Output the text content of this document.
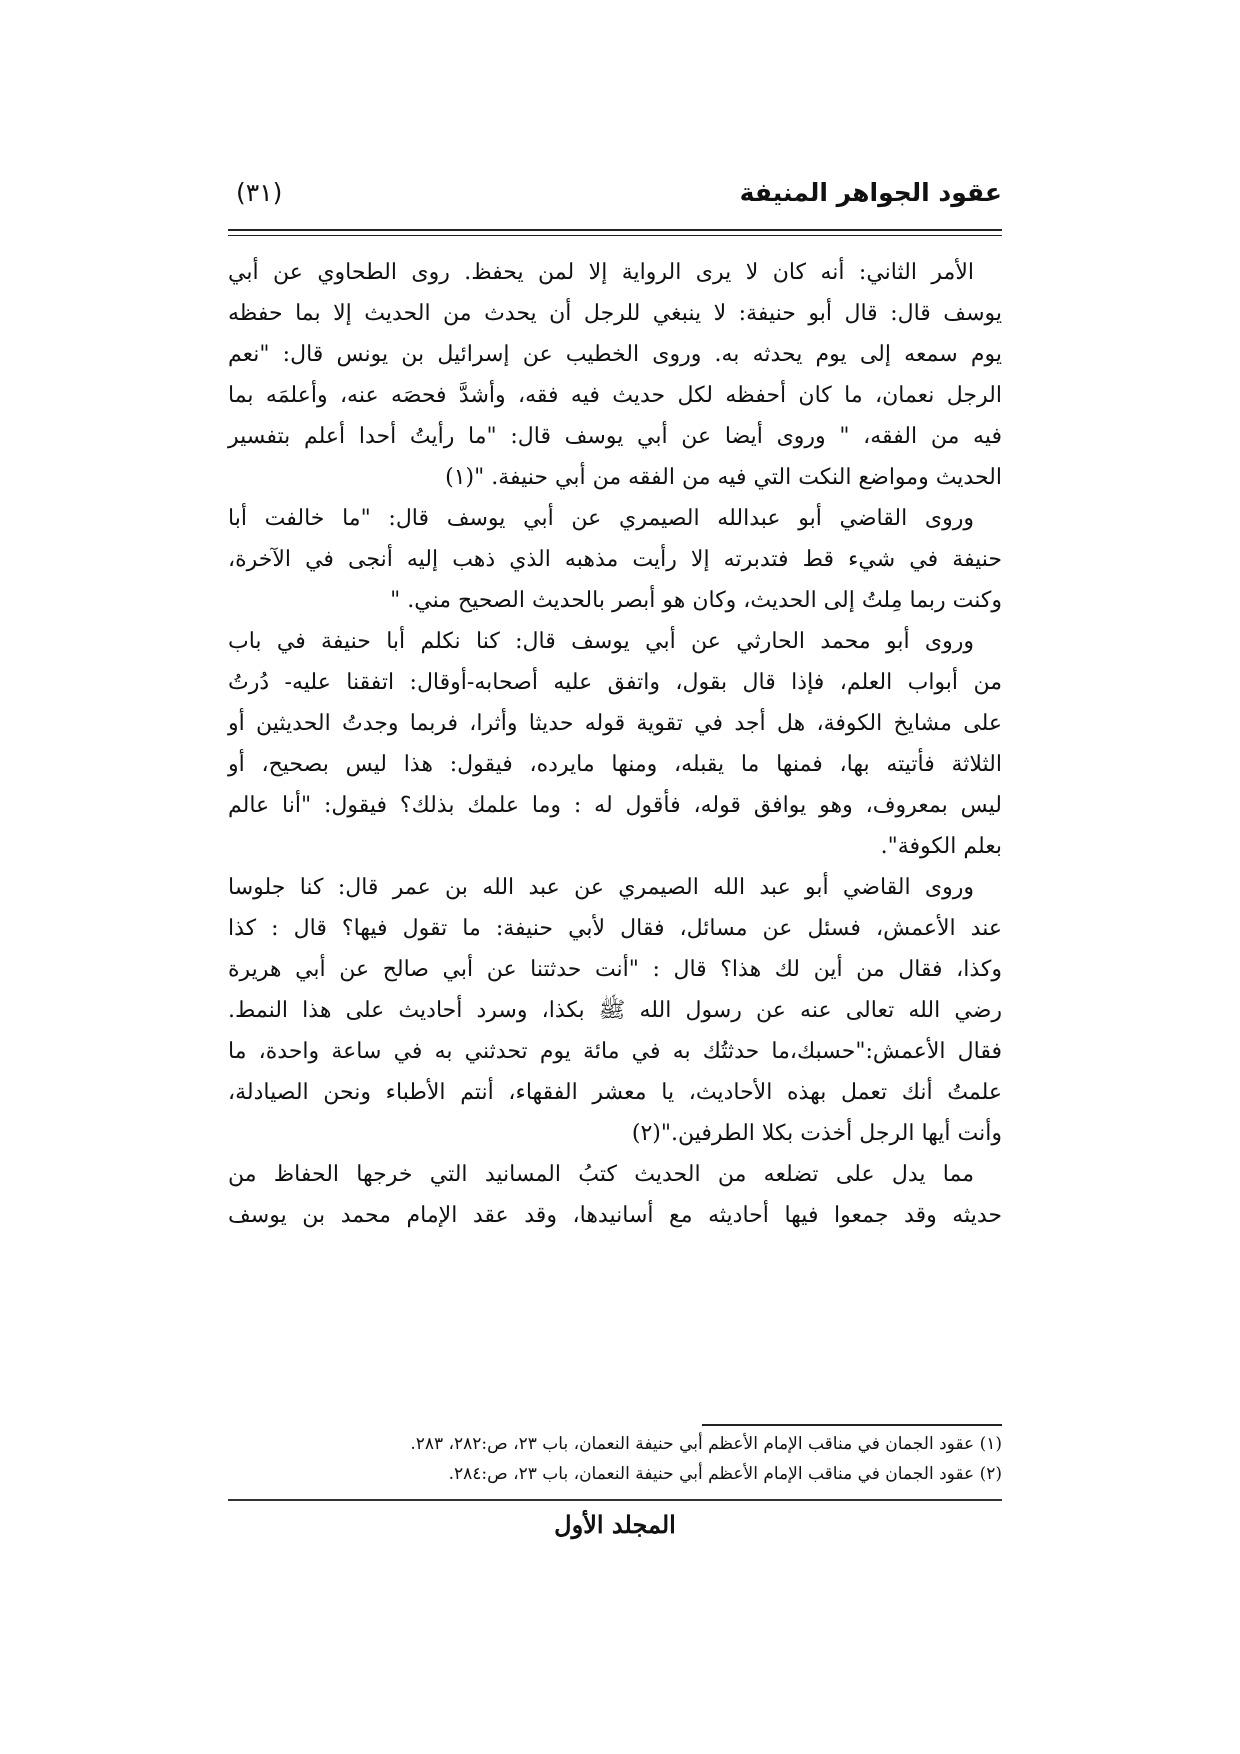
عقود الجواهر المنيفة
(٣١)
الأمر الثاني: أنه كان لا يرى الرواية إلا لمن يحفظ. روى الطحاوي عن أبي
يوسف قال: قال أبو حنيفة: لا ينبغي للرجل أن يحدث من الحديث إلا بما حفظه
يوم سمعه إلى يوم يحدثه به. وروى الخطيب عن إسرائيل بن يونس قال: "نعم
الرجل نعمان، ما كان أحفظه لكل حديث فيه فقه، وأشدَّ فحصَه عنه، وأعلمَه بما
فيه من الفقه، " وروى أيضا عن أبي يوسف قال: "ما رأيتُ أحدا أعلم بتفسير
الحديث ومواضع النكت التي فيه من الفقه من أبي حنيفة. "(١)
وروى القاضي أبو عبدالله الصيمري عن أبي يوسف قال: "ما خالفت أبا
حنيفة في شيء قط فتدبرته إلا رأيت مذهبه الذي ذهب إليه أنجى في الآخرة،
وكنت ربما مِلتُ إلى الحديث، وكان هو أبصر بالحديث الصحيح مني. "
وروى أبو محمد الحارثي عن أبي يوسف قال: كنا نكلم أبا حنيفة في باب
من أبواب العلم، فإذا قال بقول، واتفق عليه أصحابه-أوقال: اتفقنا عليه- دُرتُ
على مشايخ الكوفة، هل أجد في تقوية قوله حديثا وأثرا، فربما وجدتُ الحديثين أو
الثلاثة فأتيته بها، فمنها ما يقبله، ومنها مايرده، فيقول: هذا ليس بصحيح، أو
ليس بمعروف، وهو يوافق قوله، فأقول له : وما علمك بذلك؟ فيقول: "أنا عالم
بعلم الكوفة".
وروى القاضي أبو عبد الله الصيمري عن عبد الله بن عمر قال: كنا جلوسا
عند الأعمش، فسئل عن مسائل، فقال لأبي حنيفة: ما تقول فيها؟ قال : كذا
وكذا، فقال من أين لك هذا؟ قال : "أنت حدثتنا عن أبي صالح عن أبي هريرة
رضي الله تعالى عنه عن رسول الله ﷺ بكذا، وسرد أحاديث على هذا النمط.
فقال الأعمش:"حسبك،ما حدثتُك به في مائة يوم تحدثني به في ساعة واحدة، ما
علمتُ أنك تعمل بهذه الأحاديث، يا معشر الفقهاء، أنتم الأطباء ونحن الصيادلة،
وأنت أيها الرجل أخذت بكلا الطرفين."(٢)
مما يدل على تضلعه من الحديث كتبُ المسانيد التي خرجها الحفاظ من
حديثه وقد جمعوا فيها أحاديثه مع أسانيدها، وقد عقد الإمام محمد بن يوسف
(١) عقود الجمان في مناقب الإمام الأعظم أبي حنيفة النعمان، باب ٢٣، ص:٢٨٢، ٢٨٣.
(٢) عقود الجمان في مناقب الإمام الأعظم أبي حنيفة النعمان، باب ٢٣، ص:٢٨٤.
المجلد الأول
